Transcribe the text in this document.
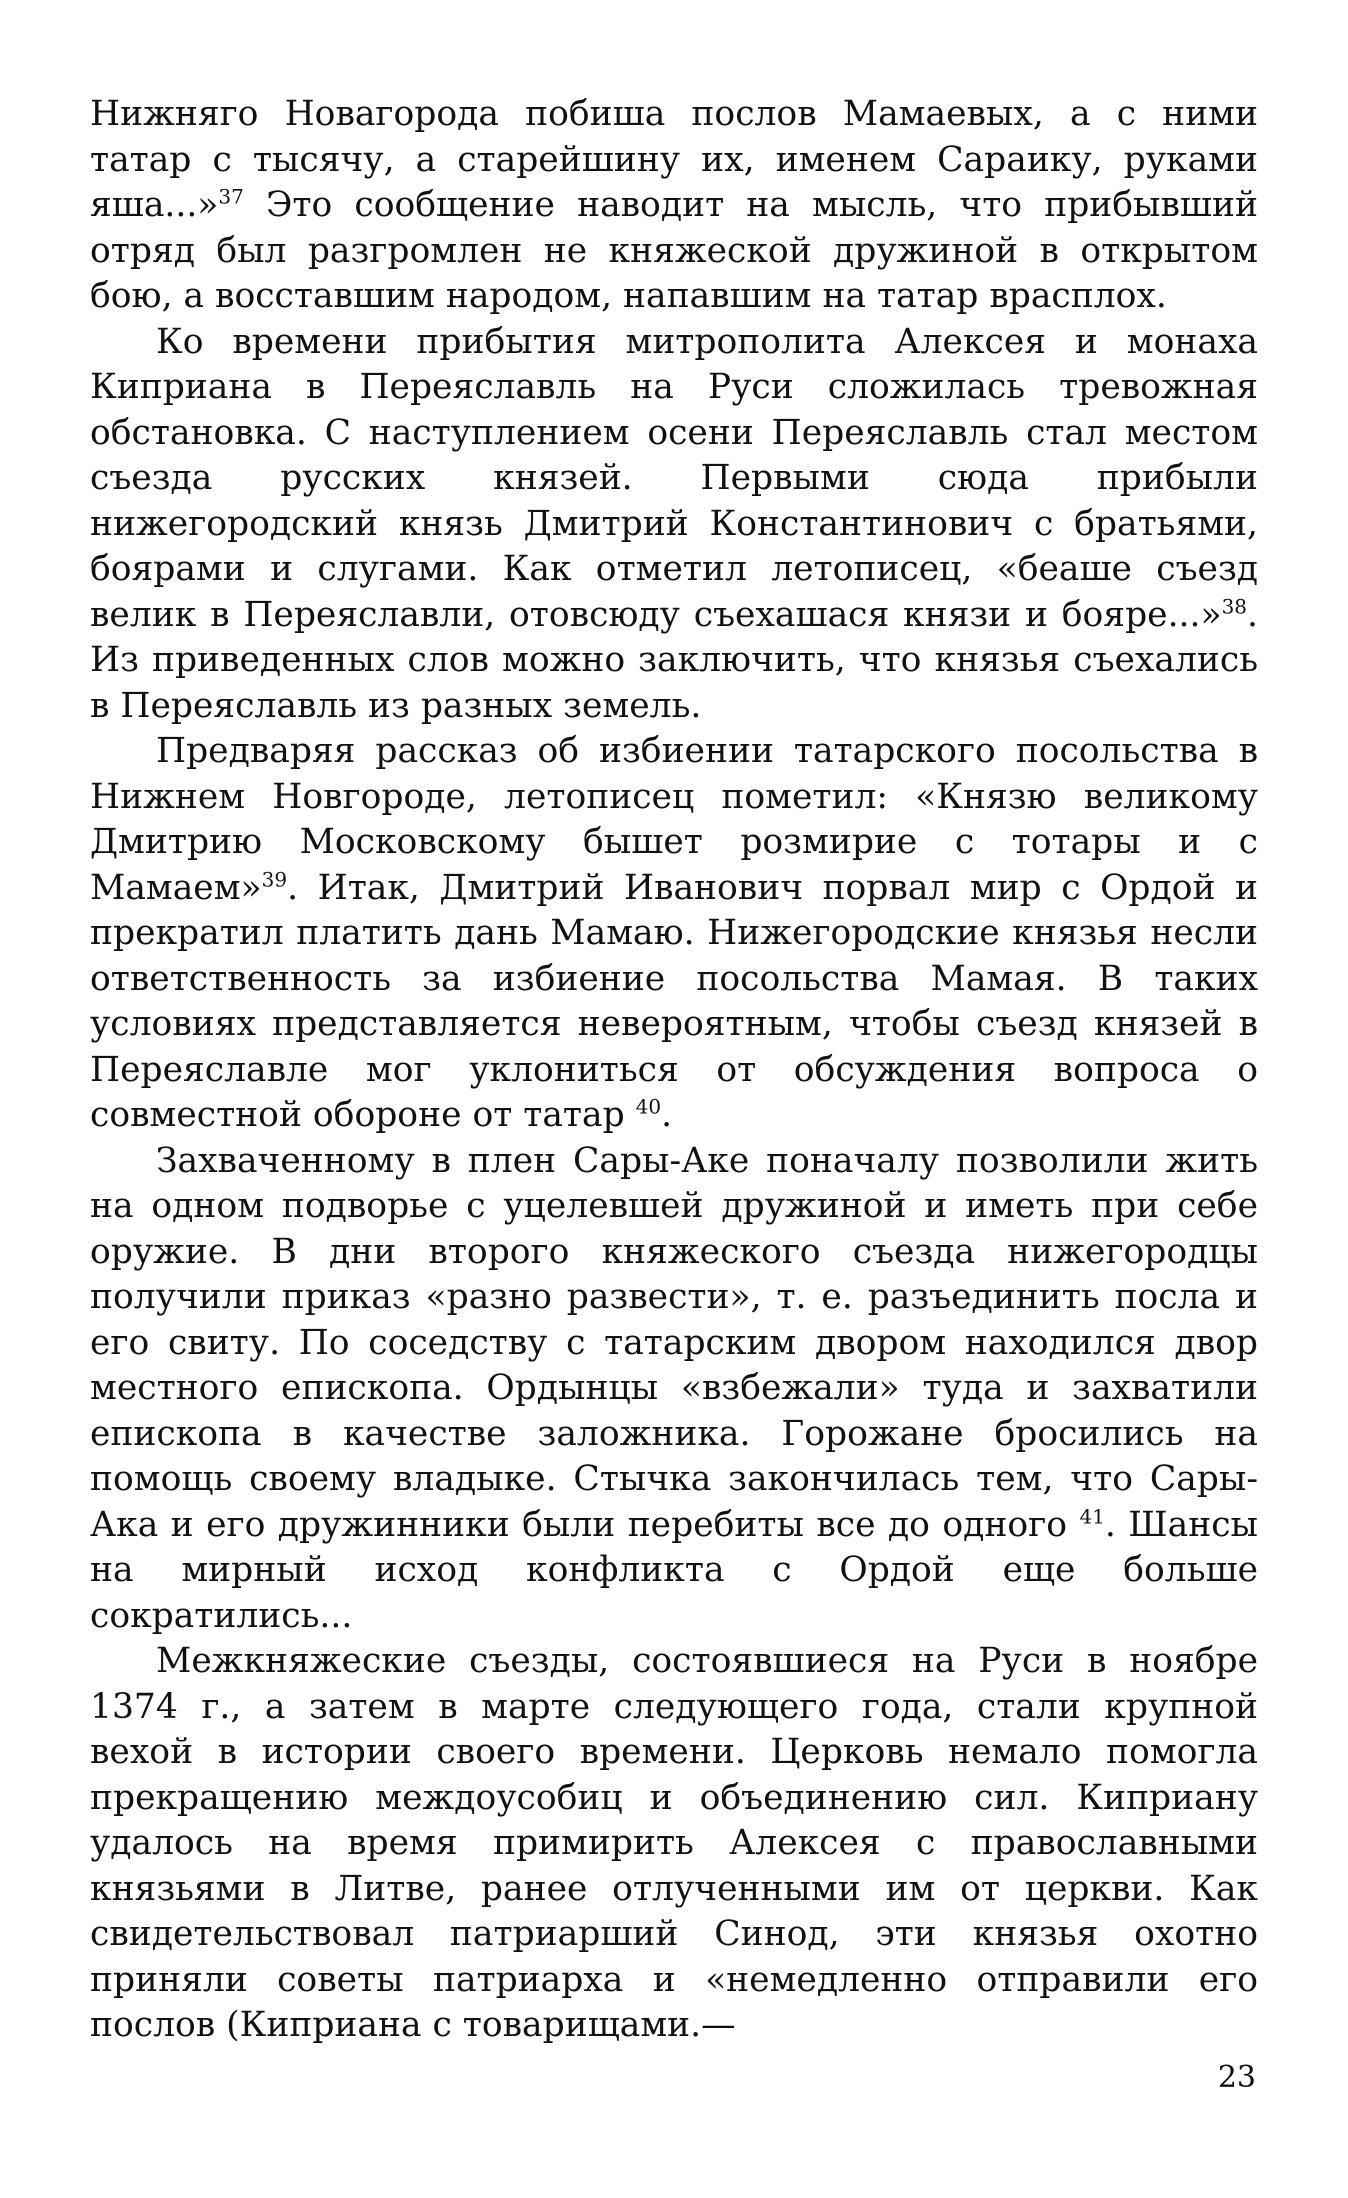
Нижняго Новагорода побиша послов Мамаевых, а с ними татар с тысячу, а старейшину их, именем Сараику, руками яша...»$^{37}$ Это сообщение наводит на мысль, что прибывший отряд был разгромлен не княжеской дружиной в открытом бою, а восставшим народом, напавшим на татар врасплох.

Ко времени прибытия митрополита Алексея и монаха Киприана в Переяславль на Руси сложилась тревожная обстановка. С наступлением осени Переяславль стал местом съезда русских князей. Первыми сюда прибыли нижегородский князь Дмитрий Константинович с братьями, боярами и слугами. Как отметил летописец, «беаше съезд велик в Переяславли, отовсюду съехашася князи и бояре...»$^{38}$. Из приведенных слов можно заключить, что князья съехались в Переяславль из разных земель.

Предваряя рассказ об избиении татарского посольства в Нижнем Новгороде, летописец пометил: «Князю великому Дмитрию Московскому бышет розмирие с тотары и с Мамаем»$^{39}$. Итак, Дмитрий Иванович порвал мир с Ордой и прекратил платить дань Мамаю. Нижегородские князья несли ответственность за избиение посольства Мамая. В таких условиях представляется невероятным, чтобы съезд князей в Переяславле мог уклониться от обсуждения вопроса о совместной обороне от татар $^{40}$.

Захваченному в плен Сары-Аке поначалу позволили жить на одном подворье с уцелевшей дружиной и иметь при себе оружие. В дни второго княжеского съезда нижегородцы получили приказ «разно развести», т. е. разъединить посла и его свиту. По соседству с татарским двором находился двор местного епископа. Ордынцы «взбежали» туда и захватили епископа в качестве заложника. Горожане бросились на помощь своему владыке. Стычка закончилась тем, что Сары-Ака и его дружинники были перебиты все до одного $^{41}$. Шансы на мирный исход конфликта с Ордой еще больше сократились...

Межкняжеские съезды, состоявшиеся на Руси в ноябре 1374 г., а затем в марте следующего года, стали крупной вехой в истории своего времени. Церковь немало помогла прекращению междоусобиц и объединению сил. Киприану удалось на время примирить Алексея с православными князьями в Литве, ранее отлученными им от церкви. Как свидетельствовал патриарший Синод, эти князья охотно приняли советы патриарха и «немедленно отправили его послов (Киприана с товарищами.—

23
